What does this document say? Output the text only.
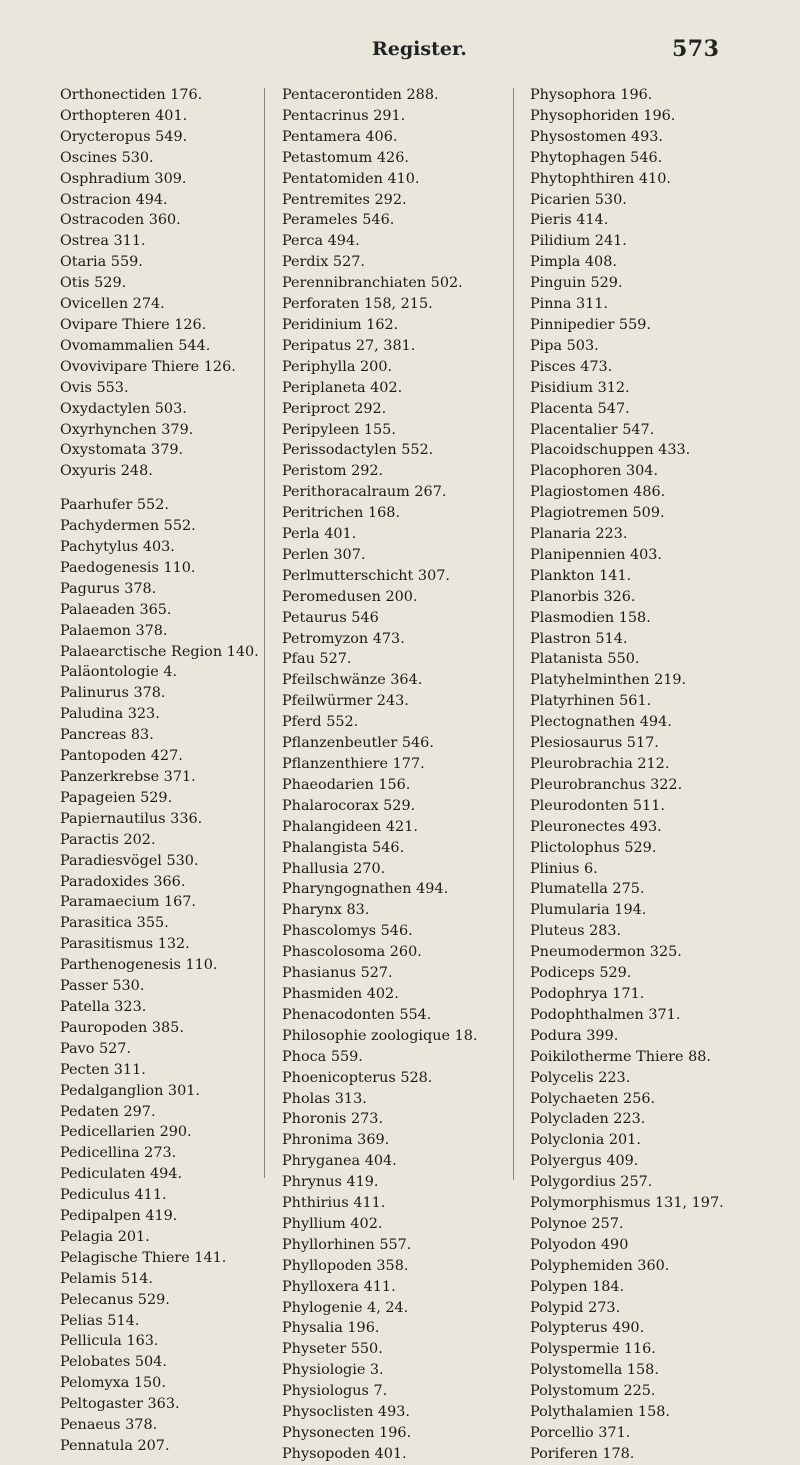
Register.	573
Orthonectiden 176.
Orthopteren 401.
Orycteropus 549.
Oscines 530.
Osphradium 309.
Ostracion 494.
Ostracoden 360.
Ostrea 311.
Otaria 559.
Otis 529.
Ovicellen 274.
Ovipare Thiere 126.
Ovomammalien 544.
Ovovivipare Thiere 126.
Ovis 553.
Oxydactylen 503.
Oxyrhynchen 379.
Oxystomata 379.
Oxyuris 248.
Paarhufer 552.
Pachydermen 552.
Pachytylus 403.
Paedogenesis 110.
Pagurus 378.
Palaeaden 365.
Palaemon 378.
Palaearctische Region 140.
Paläontologie 4.
Palinurus 378.
Paludina 323.
Pancreas 83.
Pantopoden 427.
Panzerkrebse 371.
Papageien 529.
Papiernautilus 336.
Paractis 202.
Paradiesvögel 530.
Paradoxides 366.
Paramaecium 167.
Parasitica 355.
Parasitismus 132.
Parthenogenesis 110.
Passer 530.
Patella 323.
Pauropoden 385.
Pavo 527.
Pecten 311.
Pedalganglion 301.
Pedaten 297.
Pedicellarien 290.
Pedicellina 273.
Pediculaten 494.
Pediculus 411.
Pedipalpen 419.
Pelagia 201.
Pelagische Thiere 141.
Pelamis 514.
Pelecanus 529.
Pelias 514.
Pellicula 163.
Pelobates 504.
Pelomyxa 150.
Peltogaster 363.
Penaeus 378.
Pennatula 207.
Pentacerontiden 288.
Pentacrinus 291.
Pentamera 406.
Petastomum 426.
Pentatomiden 410.
Pentremites 292.
Perameles 546.
Perca 494.
Perdix 527.
Perennibranchiaten 502.
Perforaten 158, 215.
Peridinium 162.
Peripatus 27, 381.
Periphylla 200.
Periplaneta 402.
Periproct 292.
Peripyleen 155.
Perissodactylen 552.
Peristom 292.
Perithoracalraum 267.
Peritrichen 168.
Perla 401.
Perlen 307.
Perlmutterschicht 307.
Peromedusen 200.
Petaurus 546
Petromyzon 473.
Pfau 527.
Pfeilschwänze 364.
Pfeilwürmer 243.
Pferd 552.
Pflanzenbeutler 546.
Pflanzenthiere 177.
Phaeodarien 156.
Phalarocorax 529.
Phalangideen 421.
Phalangista 546.
Phallusia 270.
Pharyngognathen 494.
Pharynx 83.
Phascolomys 546.
Phascolosoma 260.
Phasianus 527.
Phasmiden 402.
Phenacodonten 554.
Philosophie zoologique 18.
Phoca 559.
Phoenicopterus 528.
Pholas 313.
Phoronis 273.
Phronima 369.
Phryganea 404.
Phrynus 419.
Phthirius 411.
Phyllium 402.
Phyllorhinen 557.
Phyllopoden 358.
Phylloxera 411.
Phylogenie 4, 24.
Physalia 196.
Physeter 550.
Physiologie 3.
Physiologus 7.
Physoclisten 493.
Physonecten 196.
Physopoden 401.
Physophora 196.
Physophoriden 196.
Physostomen 493.
Phytophagen 546.
Phytophthiren 410.
Picarien 530.
Pieris 414.
Pilidium 241.
Pimpla 408.
Pinguin 529.
Pinna 311.
Pinnipedier 559.
Pipa 503.
Pisces 473.
Pisidium 312.
Placenta 547.
Placentalier 547.
Placoidschuppen 433.
Placophoren 304.
Plagiostomen 486.
Plagiotremen 509.
Planaria 223.
Planipennien 403.
Plankton 141.
Planorbis 326.
Plasmodien 158.
Plastron 514.
Platanista 550.
Platyhelminthen 219.
Platyrhinen 561.
Plectognathen 494.
Plesiosaurus 517.
Pleurobrachia 212.
Pleurobranchus 322.
Pleurodonten 511.
Pleuronectes 493.
Plictolophus 529.
Plinius 6.
Plumatella 275.
Plumularia 194.
Pluteus 283.
Pneumodermon 325.
Podiceps 529.
Podophrya 171.
Podophthalmen 371.
Podura 399.
Poikilotherme Thiere 88.
Polycelis 223.
Polychaeten 256.
Polycladen 223.
Polyclonia 201.
Polyergus 409.
Polygordius 257.
Polymorphismus 131, 197.
Polynoe 257.
Polyodon 490
Polyphemiden 360.
Polypen 184.
Polypid 273.
Polypterus 490.
Polyspermie 116.
Polystomella 158.
Polystomum 225.
Polythalamien 158.
Porcellio 371.
Poriferen 178.
